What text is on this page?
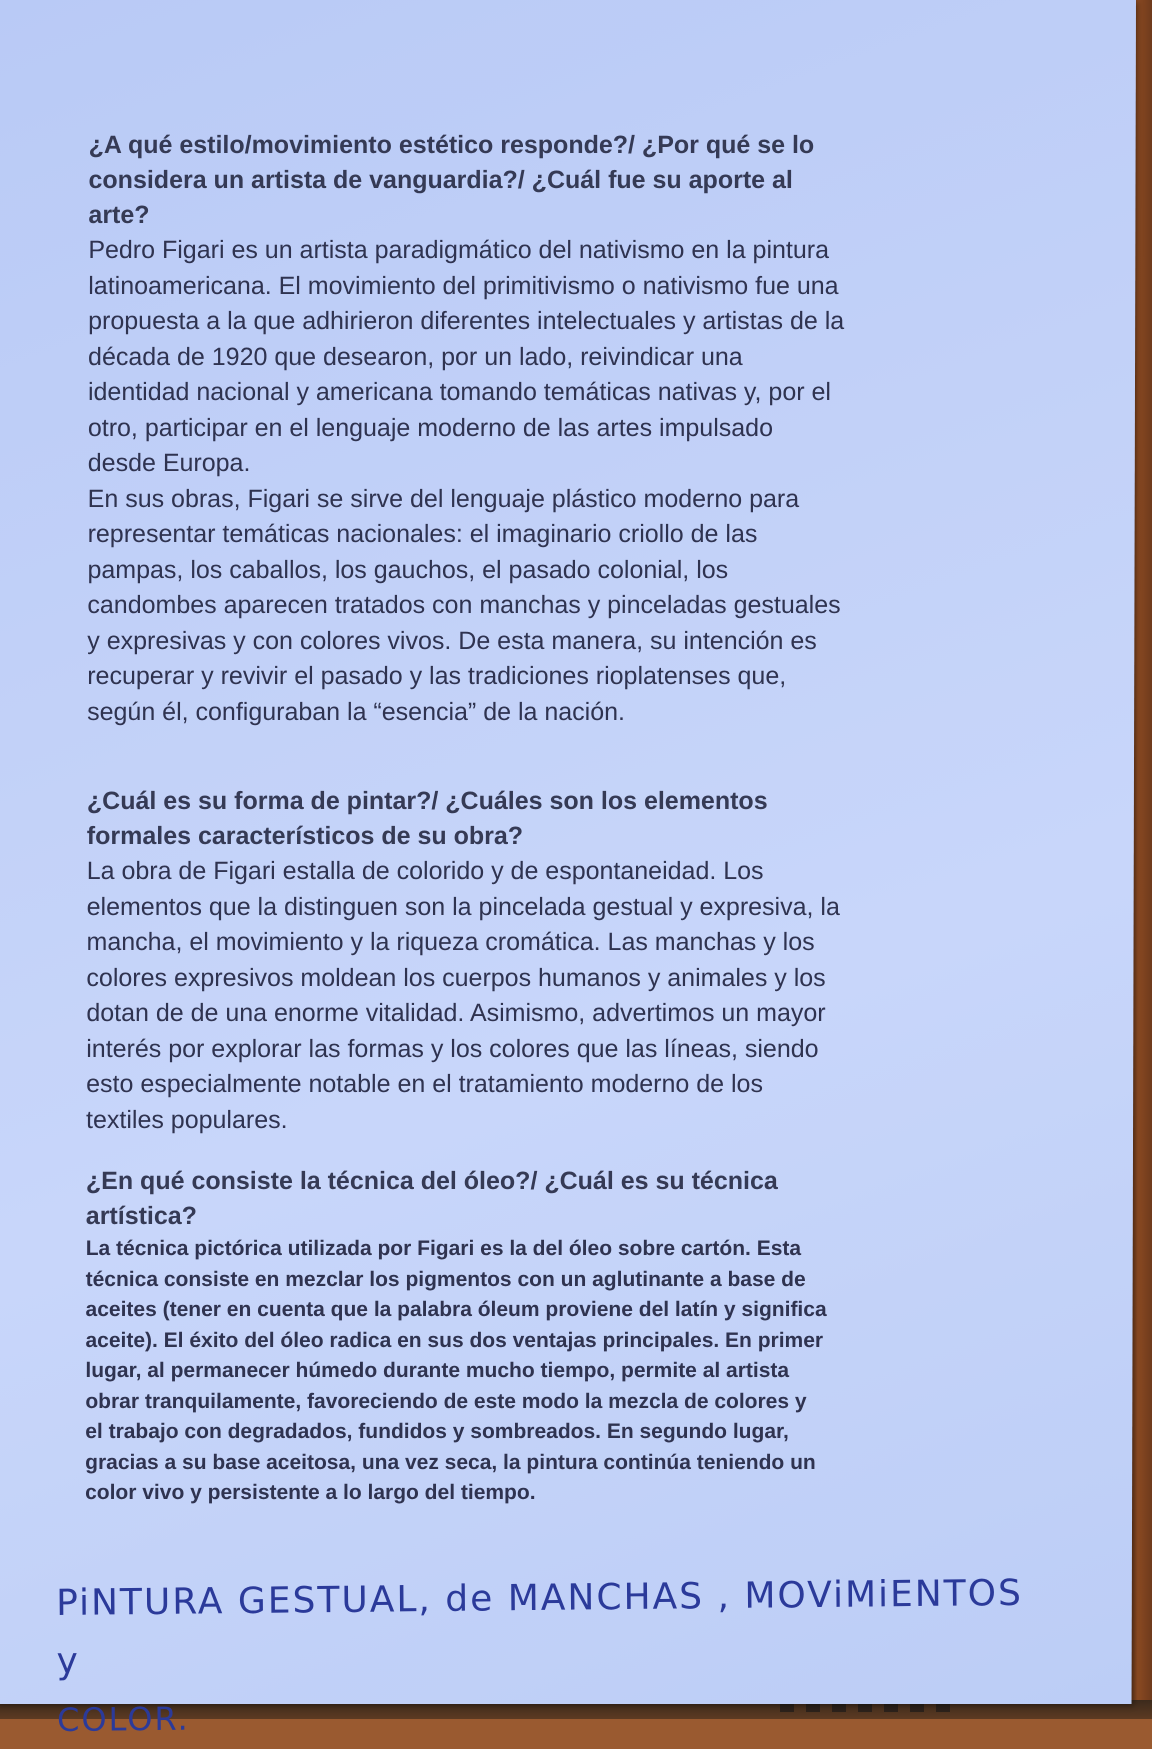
¿A qué estilo/movimiento estético responde?/ ¿Por qué se lo
considera un artista de vanguardia?/ ¿Cuál fue su aporte al
arte?

Pedro Figari es un artista paradigmático del nativismo en la pintura
latinoamericana. El movimiento del primitivismo o nativismo fue una
propuesta a la que adhirieron diferentes intelectuales y artistas de la
década de 1920 que desearon, por un lado, reivindicar una
identidad nacional y americana tomando temáticas nativas y, por el
otro, participar en el lenguaje moderno de las artes impulsado
desde Europa.

En sus obras, Figari se sirve del lenguaje plástico moderno para
representar temáticas nacionales: el imaginario criollo de las
pampas, los caballos, los gauchos, el pasado colonial, los
candombes aparecen tratados con manchas y pinceladas gestuales
y expresivas y con colores vivos. De esta manera, su intención es
recuperar y revivir el pasado y las tradiciones rioplatenses que,
según él, configuraban la “esencia” de la nación.

¿Cuál es su forma de pintar?/ ¿Cuáles son los elementos
formales característicos de su obra?

La obra de Figari estalla de colorido y de espontaneidad. Los
elementos que la distinguen son la pincelada gestual y expresiva, la
mancha, el movimiento y la riqueza cromática. Las manchas y los
colores expresivos moldean los cuerpos humanos y animales y los
dotan de de una enorme vitalidad. Asimismo, advertimos un mayor
interés por explorar las formas y los colores que las líneas, siendo
esto especialmente notable en el tratamiento moderno de los
textiles populares.

¿En qué consiste la técnica del óleo?/ ¿Cuál es su técnica
artística?

La técnica pictórica utilizada por Figari es la del óleo sobre cartón. Esta
técnica consiste en mezclar los pigmentos con un aglutinante a base de
aceites (tener en cuenta que la palabra óleum proviene del latín y significa
aceite). El éxito del óleo radica en sus dos ventajas principales. En primer
lugar, al permanecer húmedo durante mucho tiempo, permite al artista
obrar tranquilamente, favoreciendo de este modo la mezcla de colores y
el trabajo con degradados, fundidos y sombreados. En segundo lugar,
gracias a su base aceitosa, una vez seca, la pintura continúa teniendo un
color vivo y persistente a lo largo del tiempo.

PiNTURA GESTUAL, de MANCHAS , MOViMiENTOS y
COLOR.
